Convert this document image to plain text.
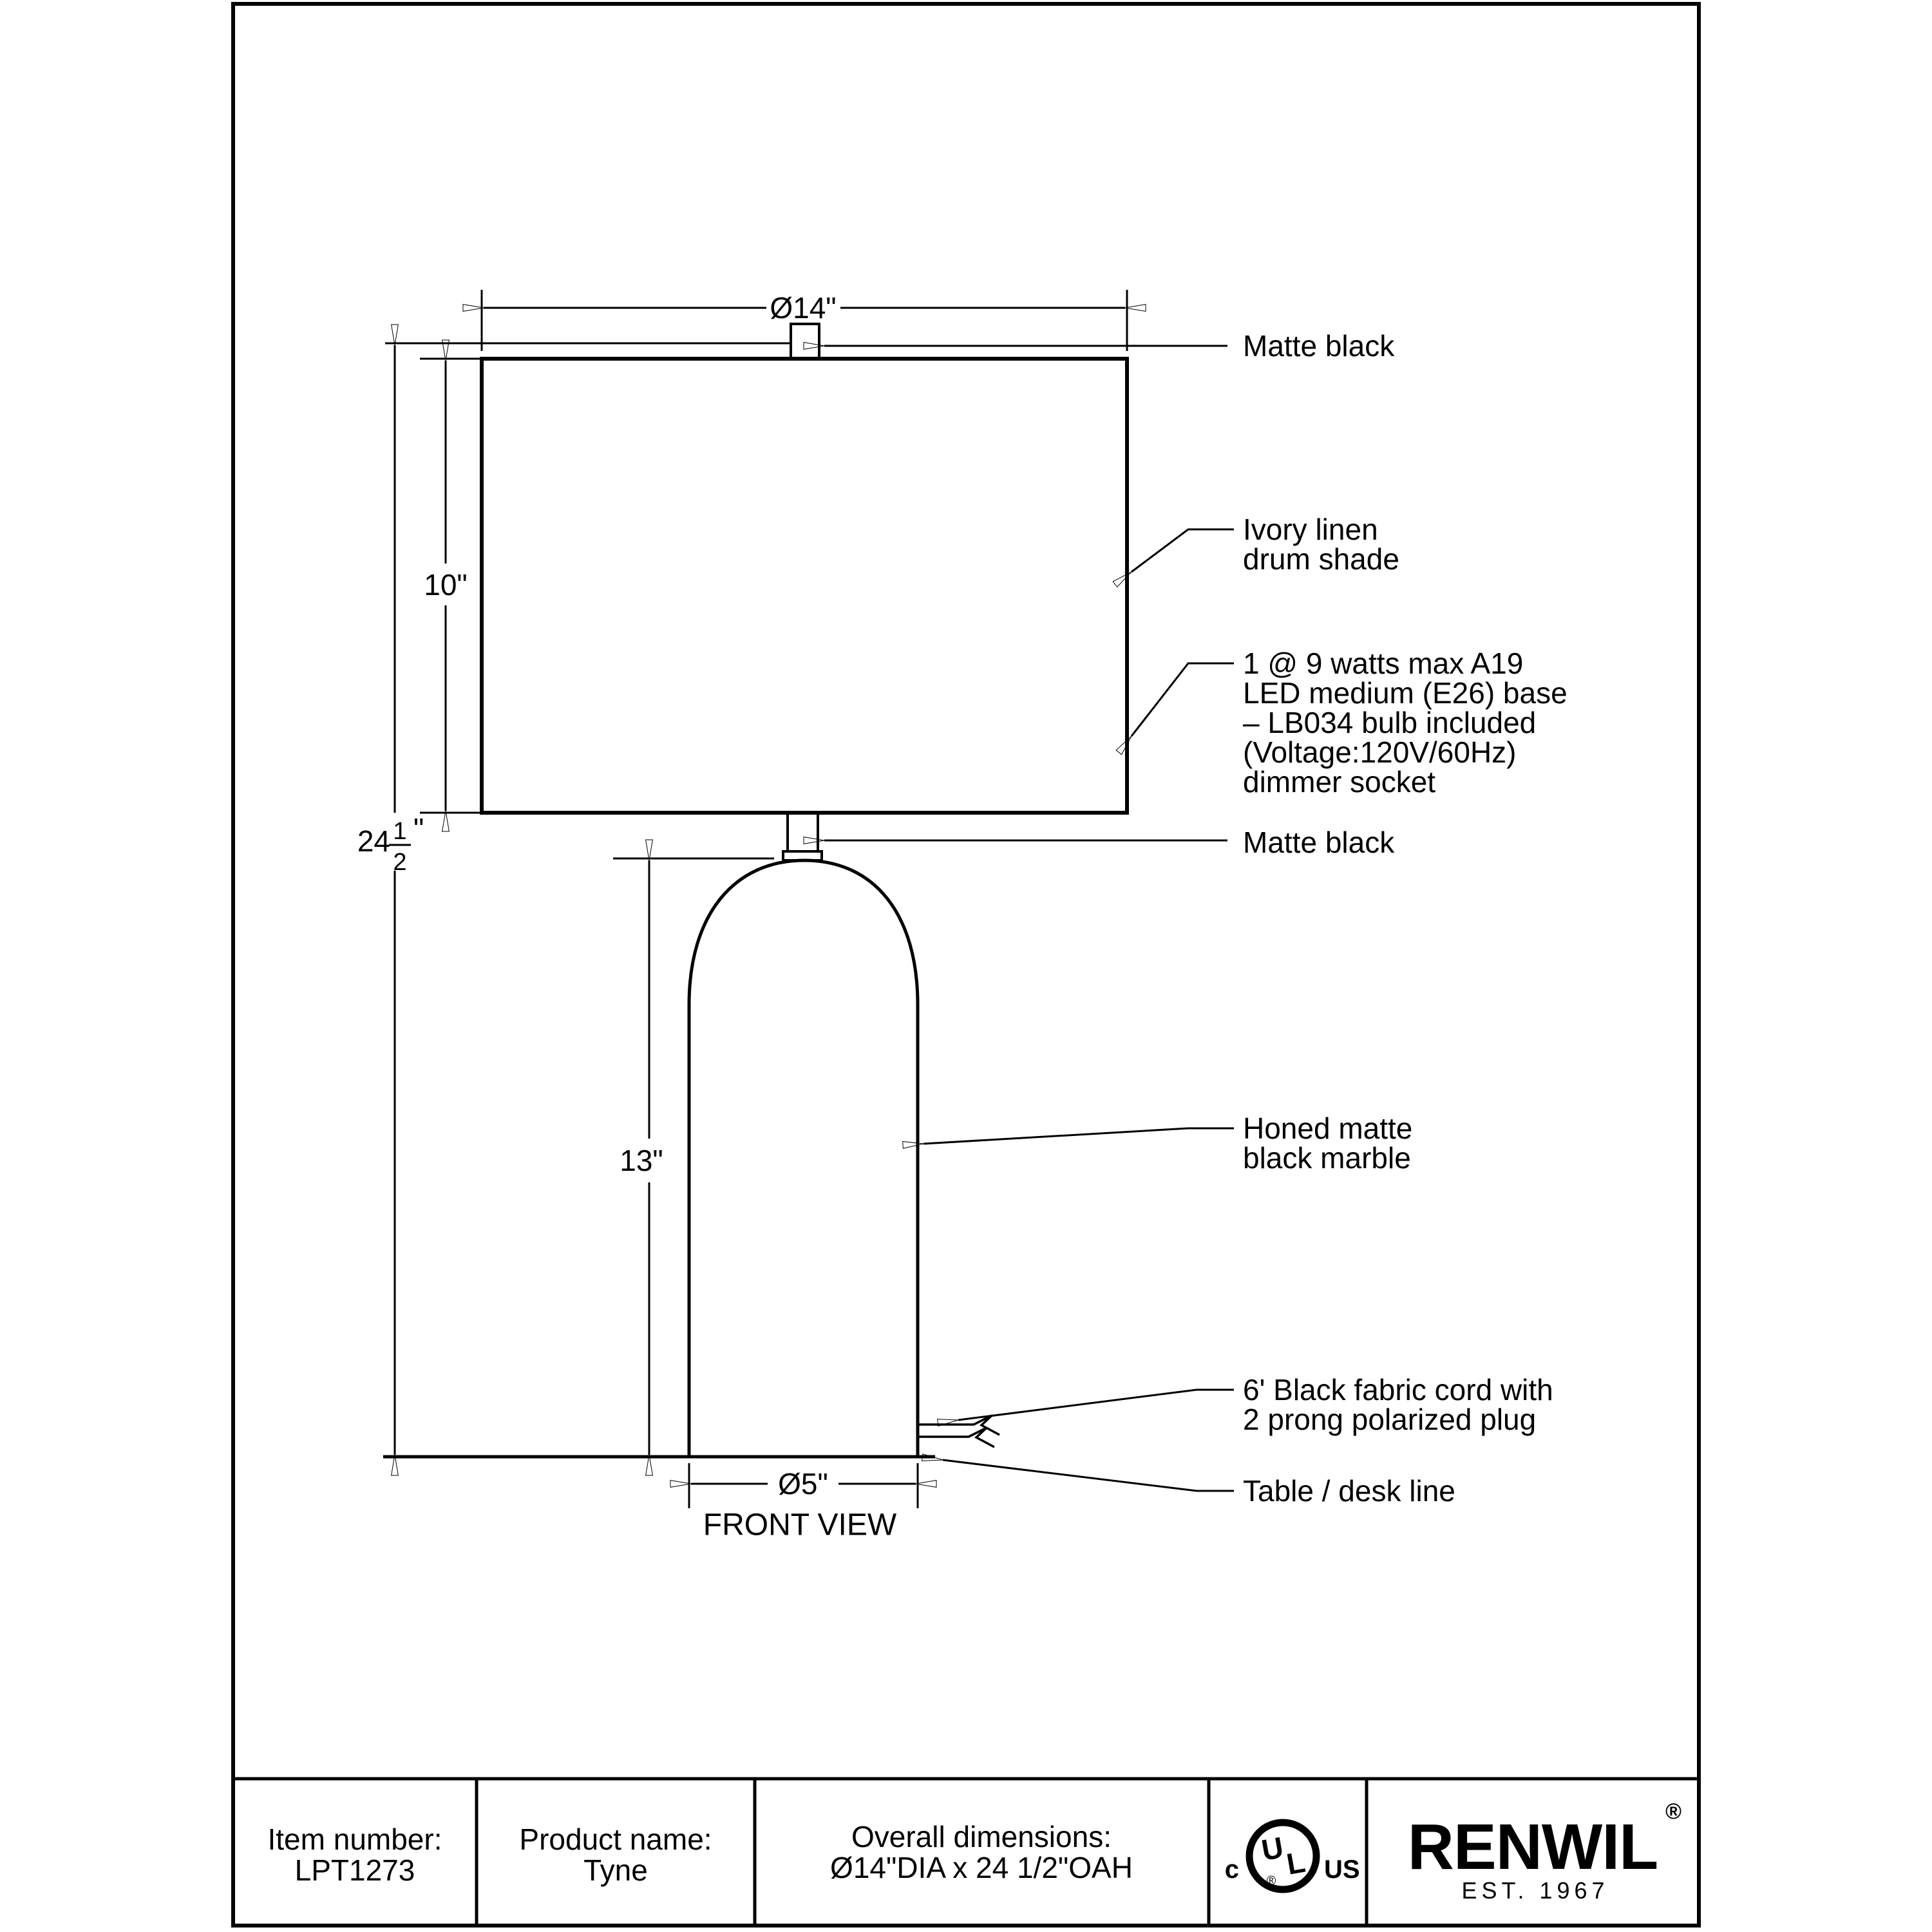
Ø14"
10"
24 1
2
"
13"
Ø5"
Matte black
Ivory linen
drum shade
1 @ 9 watts max A19
LED medium (E26) base
– LB034 bulb included
(Voltage:120V/60Hz)
dimmer socket
Matte black
Honed matte
black marble
6' Black fabric cord with
2 prong polarized plug
Table / desk line
FRONT VIEW
Item number:
LPT1273
Product name:
Tyne
Overall dimensions:
Ø14"DIA x 24 1/2"OAH
U
L
®
c	US RENWIL ®
EST. 1967
